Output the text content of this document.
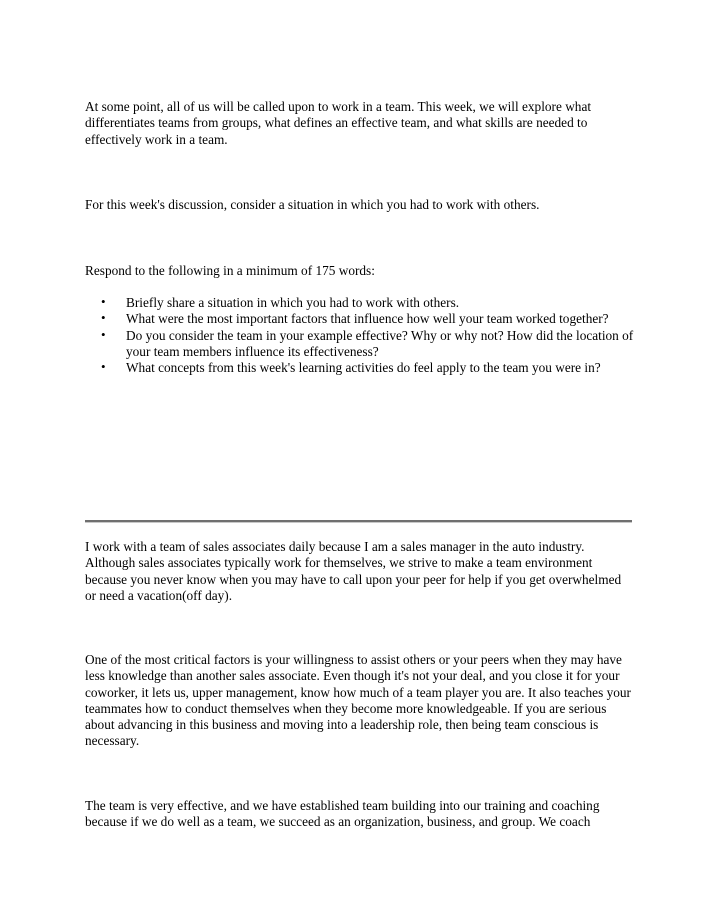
At some point, all of us will be called upon to work in a team. This week, we will explore what differentiates teams from groups, what defines an effective team, and what skills are needed to effectively work in a team.

For this week's discussion, consider a situation in which you had to work with others.

Respond to the following in a minimum of 175 words:

• Briefly share a situation in which you had to work with others.
• What were the most important factors that influence how well your team worked together?
• Do you consider the team in your example effective? Why or why not? How did the location of your team members influence its effectiveness?
• What concepts from this week's learning activities do feel apply to the team you were in?

I work with a team of sales associates daily because I am a sales manager in the auto industry. Although sales associates typically work for themselves, we strive to make a team environment because you never know when you may have to call upon your peer for help if you get overwhelmed or need a vacation(off day).

One of the most critical factors is your willingness to assist others or your peers when they may have less knowledge than another sales associate. Even though it's not your deal, and you close it for your coworker, it lets us, upper management, know how much of a team player you are. It also teaches your teammates how to conduct themselves when they become more knowledgeable. If you are serious about advancing in this business and moving into a leadership role, then being team conscious is necessary.

The team is very effective, and we have established team building into our training and coaching because if we do well as a team, we succeed as an organization, business, and group. We coach
